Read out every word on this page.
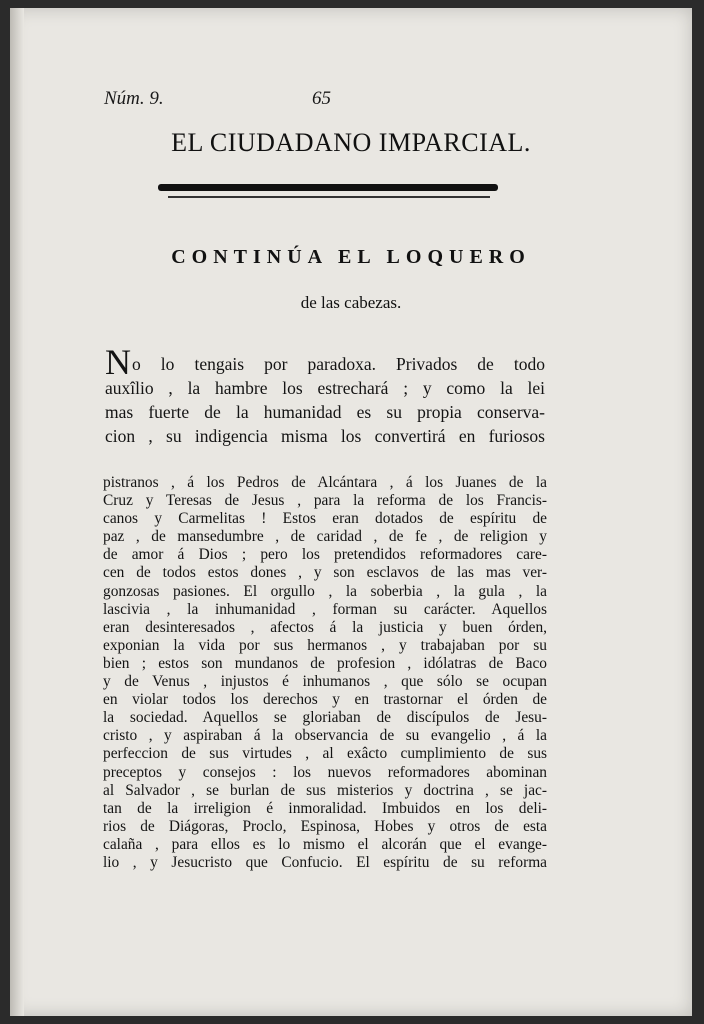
Núm. 9.	65
EL CIUDADANO IMPARCIAL.
CONTINÚA EL LOQUERO
de las cabezas.
No lo tengais por paradoxa. Privados de todo
auxîlio , la hambre los estrechará ; y como la lei
mas fuerte de la humanidad es su propia conserva-
cion , su indigencia misma los convertirá en furiosos
pistranos , á los Pedros de Alcántara , á los Juanes de la
Cruz y Teresas de Jesus , para la reforma de los Francis-
canos y Carmelitas ! Estos eran dotados de espíritu de
paz , de mansedumbre , de caridad , de fe , de religion y
de amor á Dios ; pero los pretendidos reformadores care-
cen de todos estos dones , y son esclavos de las mas ver-
gonzosas pasiones. El orgullo , la soberbia , la gula , la
lascivia , la inhumanidad , forman su carácter. Aquellos
eran desinteresados , afectos á la justicia y buen órden,
exponian la vida por sus hermanos , y trabajaban por su
bien ; estos son mundanos de profesion , idólatras de Baco
y de Venus , injustos é inhumanos , que sólo se ocupan
en violar todos los derechos y en trastornar el órden de
la sociedad. Aquellos se gloriaban de discípulos de Jesu-
cristo , y aspiraban á la observancia de su evangelio , á la
perfeccion de sus virtudes , al exâcto cumplimiento de sus
preceptos y consejos : los nuevos reformadores abominan
al Salvador , se burlan de sus misterios y doctrina , se jac-
tan de la irreligion é inmoralidad. Imbuidos en los deli-
rios de Diágoras, Proclo, Espinosa, Hobes y otros de esta
calaña , para ellos es lo mismo el alcorán que el evange-
lio , y Jesucristo que Confucio. El espíritu de su reforma
